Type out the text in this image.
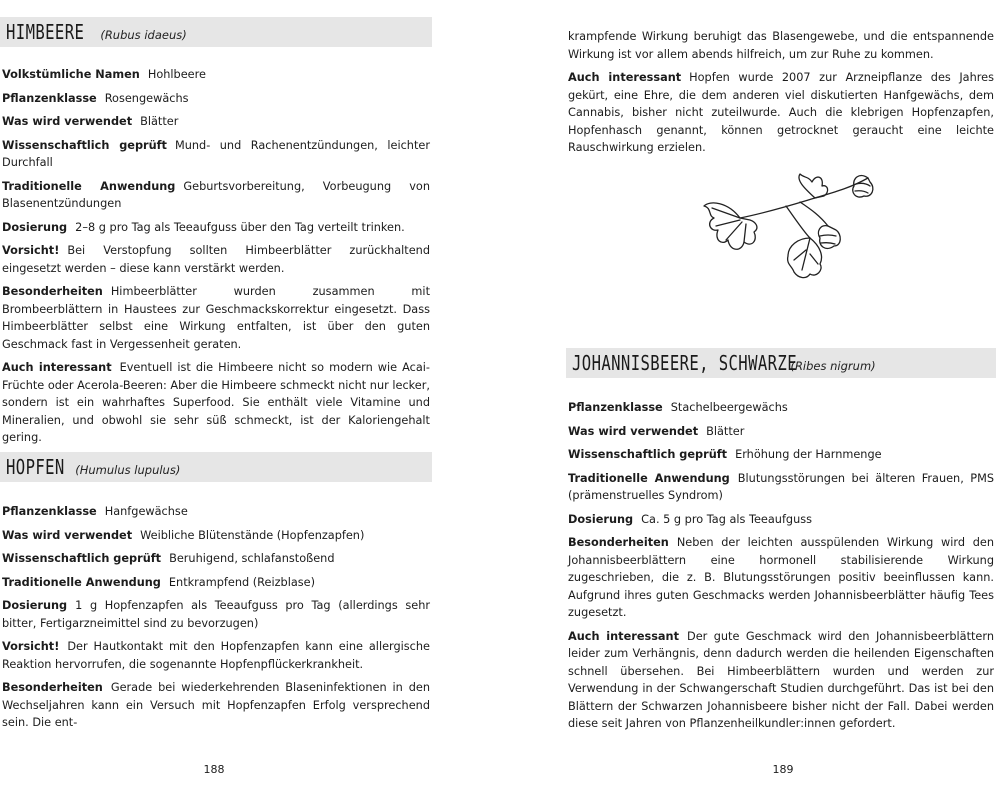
HIMBEERE (Rubus idaeus)

Volkstümliche Namen Hohlbeere

Pflanzenklasse Rosengewächs

Was wird verwendet Blätter

Wissenschaftlich geprüft Mund- und Rachenentzündungen, leichter Durchfall

Traditionelle Anwendung Geburtsvorbereitung, Vorbeugung von Blasenentzündungen

Dosierung 2–8 g pro Tag als Teeaufguss über den Tag verteilt trinken.

Vorsicht! Bei Verstopfung sollten Himbeerblätter zurückhaltend eingesetzt werden – diese kann verstärkt werden.

Besonderheiten Himbeerblätter wurden zusammen mit Brombeerblättern in Haustees zur Geschmackskorrektur eingesetzt. Dass Himbeerblätter selbst eine Wirkung entfalten, ist über den guten Geschmack fast in Vergessenheit geraten.

Auch interessant Eventuell ist die Himbeere nicht so modern wie Acai-Früchte oder Acerola-Beeren: Aber die Himbeere schmeckt nicht nur lecker, sondern ist ein wahrhaftes Superfood. Sie enthält viele Vitamine und Mineralien, und obwohl sie sehr süß schmeckt, ist der Kaloriengehalt gering.

HOPFEN (Humulus lupulus)

Pflanzenklasse Hanfgewächse

Was wird verwendet Weibliche Blütenstände (Hopfenzapfen)

Wissenschaftlich geprüft Beruhigend, schlafanstoßend

Traditionelle Anwendung Entkrampfend (Reizblase)

Dosierung 1 g Hopfenzapfen als Teeaufguss pro Tag (allerdings sehr bitter, Fertigarzneimittel sind zu bevorzugen)

Vorsicht! Der Hautkontakt mit den Hopfenzapfen kann eine allergische Reaktion hervorrufen, die sogenannte Hopfenpflückerkrankheit.

Besonderheiten Gerade bei wiederkehrenden Blaseninfektionen in den Wechseljahren kann ein Versuch mit Hopfenzapfen Erfolg versprechend sein. Die ent-

188

krampfende Wirkung beruhigt das Blasengewebe, und die entspannende Wirkung ist vor allem abends hilfreich, um zur Ruhe zu kommen.

Auch interessant Hopfen wurde 2007 zur Arzneipflanze des Jahres gekürt, eine Ehre, die dem anderen viel diskutierten Hanfgewächs, dem Cannabis, bisher nicht zuteilwurde. Auch die klebrigen Hopfenzapfen, Hopfenhasch genannt, können getrocknet geraucht eine leichte Rauschwirkung erzielen.

JOHANNISBEERE, SCHWARZE
(Ribes nigrum)

Pflanzenklasse Stachelbeergewächs

Was wird verwendet Blätter

Wissenschaftlich geprüft Erhöhung der Harnmenge

Traditionelle Anwendung Blutungsstörungen bei älteren Frauen, PMS (prämenstruelles Syndrom)

Dosierung Ca. 5 g pro Tag als Teeaufguss

Besonderheiten Neben der leichten ausspülenden Wirkung wird den Johannisbeerblättern eine hormonell stabilisierende Wirkung zugeschrieben, die z. B. Blutungsstörungen positiv beeinflussen kann. Aufgrund ihres guten Geschmacks werden Johannisbeerblätter häufig Tees zugesetzt.

Auch interessant Der gute Geschmack wird den Johannisbeerblättern leider zum Verhängnis, denn dadurch werden die heilenden Eigenschaften schnell übersehen. Bei Himbeerblättern wurden und werden zur Verwendung in der Schwangerschaft Studien durchgeführt. Das ist bei den Blättern der Schwarzen Johannisbeere bisher nicht der Fall. Dabei werden diese seit Jahren von Pflanzenheilkundler:innen gefordert.

189
